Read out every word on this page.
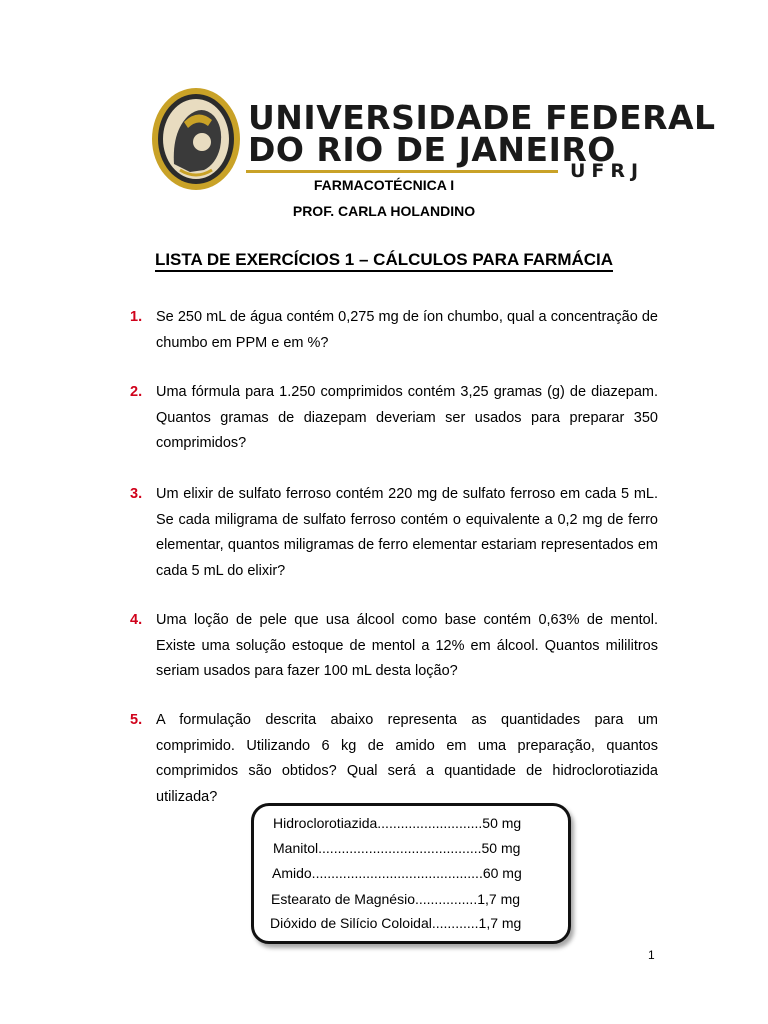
UNIVERSIDADE FEDERAL
DO RIO DE JANEIRO
UFRJ
FARMACOTÉCNICA I
PROF. CARLA HOLANDINO
LISTA DE EXERCÍCIOS 1 – CÁLCULOS PARA FARMÁCIA
1. Se 250 mL de água contém 0,275 mg de íon chumbo, qual a concentração de chumbo em PPM e em %?
2. Uma fórmula para 1.250 comprimidos contém 3,25 gramas (g) de diazepam. Quantos gramas de diazepam deveriam ser usados para preparar 350 comprimidos?
3. Um elixir de sulfato ferroso contém 220 mg de sulfato ferroso em cada 5 mL. Se cada miligrama de sulfato ferroso contém o equivalente a 0,2 mg de ferro elementar, quantos miligramas de ferro elementar estariam representados em cada 5 mL do elixir?
4. Uma loção de pele que usa álcool como base contém 0,63% de mentol. Existe uma solução estoque de mentol a 12% em álcool. Quantos mililitros seriam usados para fazer 100 mL desta loção?
5. A formulação descrita abaixo representa as quantidades para um comprimido. Utilizando 6 kg de amido em uma preparação, quantos comprimidos são obtidos? Qual será a quantidade de hidroclorotiazida utilizada?
Hidroclorotiazida...........................50 mg
Manitol..........................................50 mg
Amido............................................60 mg
Estearato de Magnésio................1,7 mg
Dióxido de Silício Coloidal............1,7 mg
1
